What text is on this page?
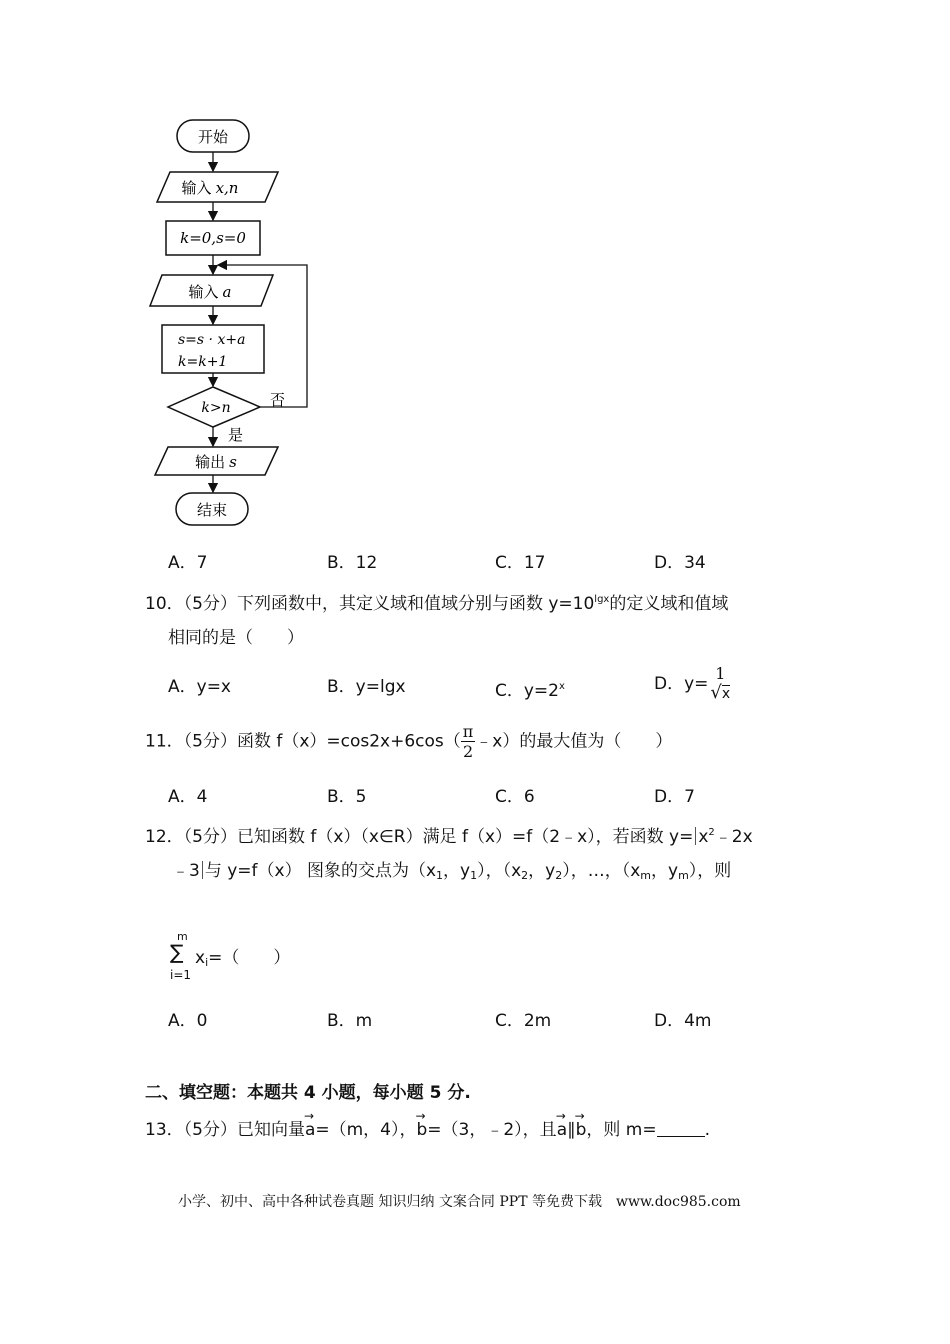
开始
输入 x,n
k=0,s=0
输入 a
s=s · x+a
k=k+1
k>n	否
是
输出 s
结束
A．7	B．12	C．17	D．34
10．（5分）下列函数中，其定义域和值域分别与函数 $y=10^{lgx}$的定义域和值域
相同的是（　　）
A．y=x	B．y=lgx	C．$y=2^x$	D．y=
1
√x
11．（5分）函数 $f(x)=\cos 2x+6\cos( \frac{\pi}{2}$ ﹣x）的最大值为（　　）
A．4	B．5	C．6	D．7
12．（5分）已知函数 f（x）（x∈R）满足 f（x）=f（2﹣x），若函数 $y= x^2﹣2x$
﹣3 与 y=f（x） 图象的交点为（$x_1$，$y_1$），（$x_2$，$y_2$），…，（$x_m$，$y_m$），则
m
∑
i=1
$x_i=$（　　）
A．0	B．m	C．2m	D．4m
二、填空题：本题共 4 小题，每小题 5 分.
13．（5分）已知向量→ a=（m，4），→ b=（3，﹣2），且→ a∥→ b，则 m=	.
小学、初中、高中各种试卷真题 知识归纳 文案合同 PPT 等免费下载　www.doc985.com
